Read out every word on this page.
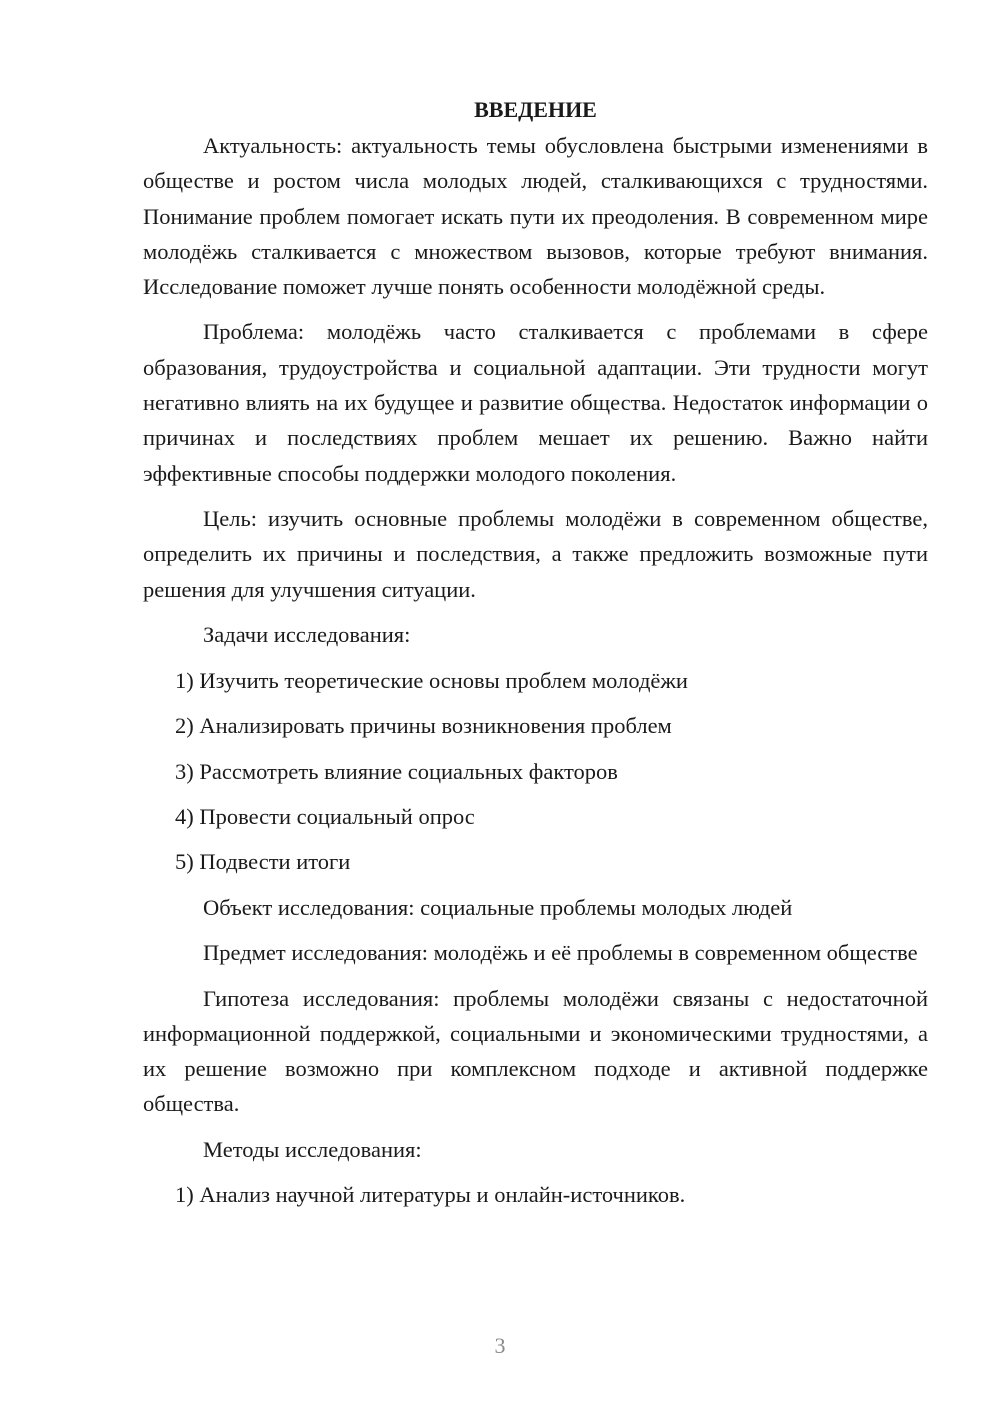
ВВЕДЕНИЕ

Актуальность: актуальность темы обусловлена быстрыми изменениями в обществе и ростом числа молодых людей, сталкивающихся с трудностями. Понимание проблем помогает искать пути их преодоления. В современном мире молодёжь сталкивается с множеством вызовов, которые требуют внимания. Исследование поможет лучше понять особенности молодёжной среды.

Проблема: молодёжь часто сталкивается с проблемами в сфере образования, трудоустройства и социальной адаптации. Эти трудности могут негативно влиять на их будущее и развитие общества. Недостаток информации о причинах и последствиях проблем мешает их решению. Важно найти эффективные способы поддержки молодого поколения.

Цель: изучить основные проблемы молодёжи в современном обществе, определить их причины и последствия, а также предложить возможные пути решения для улучшения ситуации.

Задачи исследования:

1) Изучить теоретические основы проблем молодёжи

2) Анализировать причины возникновения проблем

3) Рассмотреть влияние социальных факторов

4) Провести социальный опрос

5) Подвести итоги

Объект исследования: социальные проблемы молодых людей

Предмет исследования: молодёжь и её проблемы в современном обществе

Гипотеза исследования: проблемы молодёжи связаны с недостаточной информационной поддержкой, социальными и экономическими трудностями, а их решение возможно при комплексном подходе и активной поддержке общества.

Методы исследования:

1) Анализ научной литературы и онлайн-источников.

3
